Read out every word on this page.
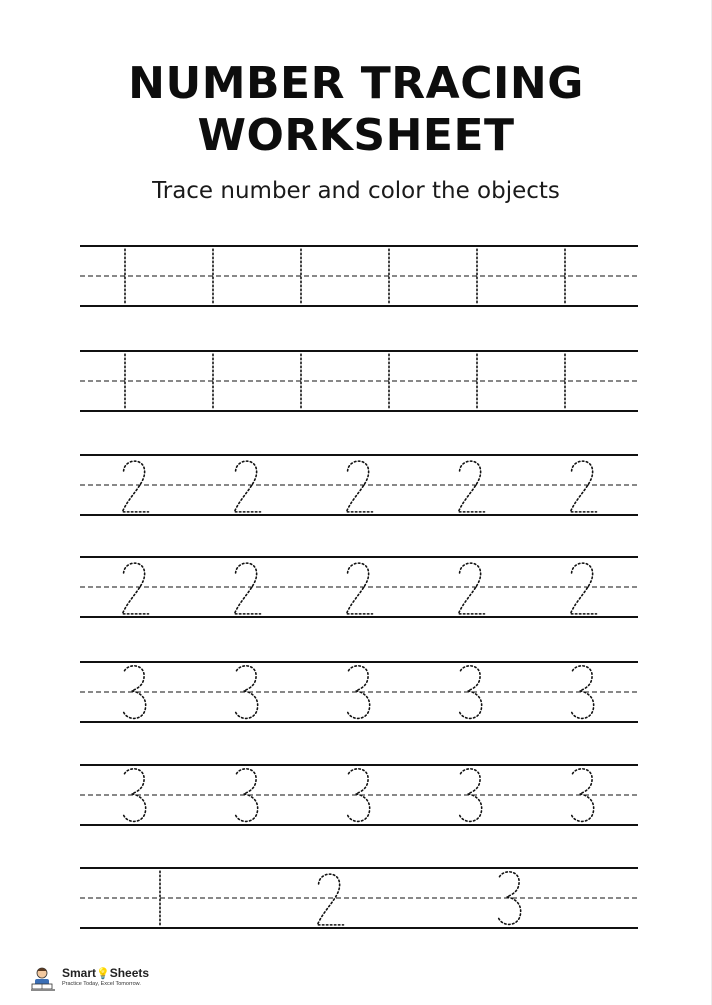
NUMBER TRACING
WORKSHEET
Trace number and color the objects
Smart💡Sheets
Practice Today, Excel Tomorrow.
